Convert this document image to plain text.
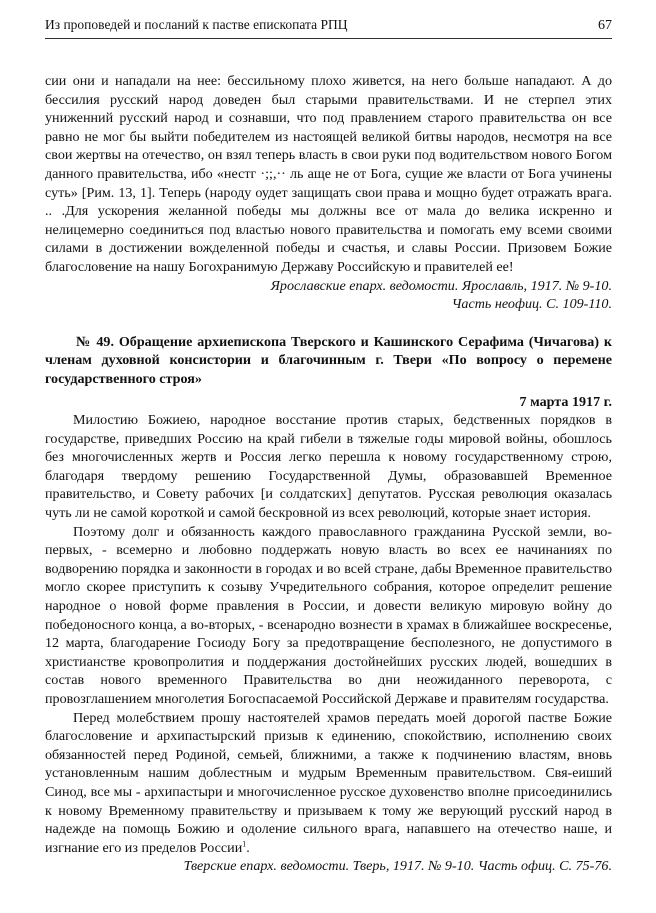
Из проповедей и посланий к пастве епископата РПЦ	67

сии они и нападали на нее: бессильному плохо живется, на него больше нападают. А до бессилия русский народ доведен был старыми правительствами. И не стерпел этих униженний русский народ и сознавши, что под правлением старого правительства он все равно не мог бы выйти победителем из настоящей великой битвы народов, несмотря на все свои жертвы на отечество, он взял теперь власть в свои руки под водительством нового Богом данного правительства, ибо «нестг ·;;,·· ль аще не от Бога, сущие же власти от Бога учинены суть» [Рим. 13, 1]. Теперь (народу оудет защищать свои права и мощно будет отражать врага. .. .Для ускорения желанной победы мы должны все от мала до велика искренно и нелицемерно соединиться под властью нового правительства и помогать ему всеми своими силами в достижении вожделенной победы и счастья, и славы России. Призовем Божие благословение на нашу Богохранимую Державу Российскую и правителей ее!

Ярославские епарх. ведомости. Ярославль, 1917. № 9-10.

Часть неофиц. С. 109-110.

№ 49. Обращение архиепископа Тверского и Кашинского Серафима (Чичагова) к членам духовной консистории и благочинным г. Твери «По вопросу о перемене государственного строя»

7 марта 1917 г.

Милостию Божиею, народное восстание против старых, бедственных порядков в государстве, приведших Россию на край гибели в тяжелые годы мировой войны, обошлось без многочисленных жертв и Россия легко перешла к новому государственному строю, благодаря твердому решению Государственной Думы, образовавшей Временное правительство, и Совету рабочих [и солдатских] депутатов. Русская революция оказалась чуть ли не самой короткой и самой бескровной из всех революций, которые знает история.

Поэтому долг и обязанность каждого православного гражданина Русской земли, во-первых, - всемерно и любовно поддержать новую власть во всех ее начинаниях по водворению порядка и законности в городах и во всей стране, дабы Временное правительство могло скорее приступить к созыву Учредительного собрания, которое определит решение народное о новой форме правления в России, и довести великую мировую войну до победоносного конца, а во-вторых, - всенародно вознести в храмах в ближайшее воскресенье, 12 марта, благодарение Госиоду Богу за предотвращение бесполезного, не допустимого в христианстве кровопролития и поддержания достойнейших русских людей, вошедших в состав нового временного Правительства во дни неожиданного переворота, с провозглашением многолетия Богоспасаемой Российской Державе и правителям государства.

Перед молебствием прошу настоятелей храмов передать моей дорогой пастве Божие благословение и архипастырский призыв к единению, спокойствию, исполнению своих обязанностей перед Родиной, семьей, ближними, а также к подчинению властям, вновь установленным нашим доблестным и мудрым Временным правительством. Свя-еиший Синод, все мы - архипастыри и многочисленное русское духовенство вполне присоединились к новому Временному правительству и призываем к тому же верующий русский народ в надежде на помощь Божию и одоление сильного врага, напавшего на отечество наше, и изгнание его из пределов России$^1$.

Тверские епарх. ведомости. Тверь, 1917. № 9-10. Часть офиц. С. 75-76.
